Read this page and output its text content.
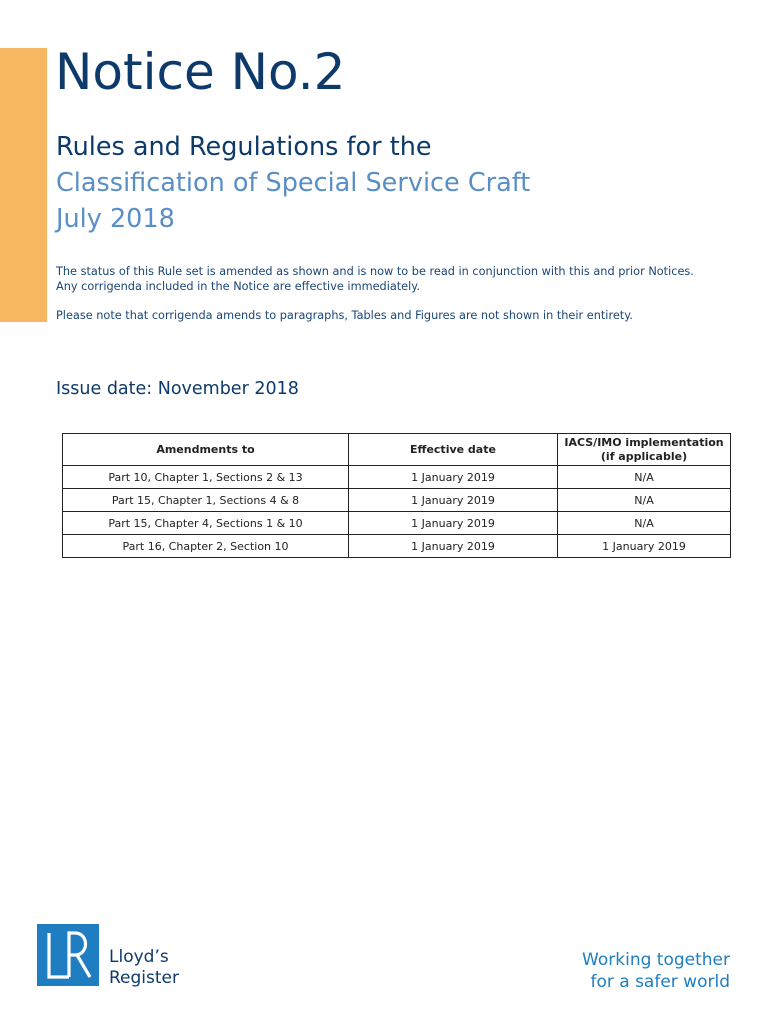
Notice No.2
Rules and Regulations for the
Classification of Special Service Craft
July 2018
The status of this Rule set is amended as shown and is now to be read in conjunction with this and prior Notices.
Any corrigenda included in the Notice are effective immediately.
Please note that corrigenda amends to paragraphs, Tables and Figures are not shown in their entirety.
Issue date: November 2018
Amendments to	Effective date	IACS/IMO implementation
(if applicable)

Part 10, Chapter 1, Sections 2 & 13	1 January 2019	N/A
Part 15, Chapter 1, Sections 4 & 8	1 January 2019	N/A
Part 15, Chapter 4, Sections 1 & 10	1 January 2019	N/A
Part 16, Chapter 2, Section 10	1 January 2019	1 January 2019
Lloyd’s
Register
Working together
for a safer world
